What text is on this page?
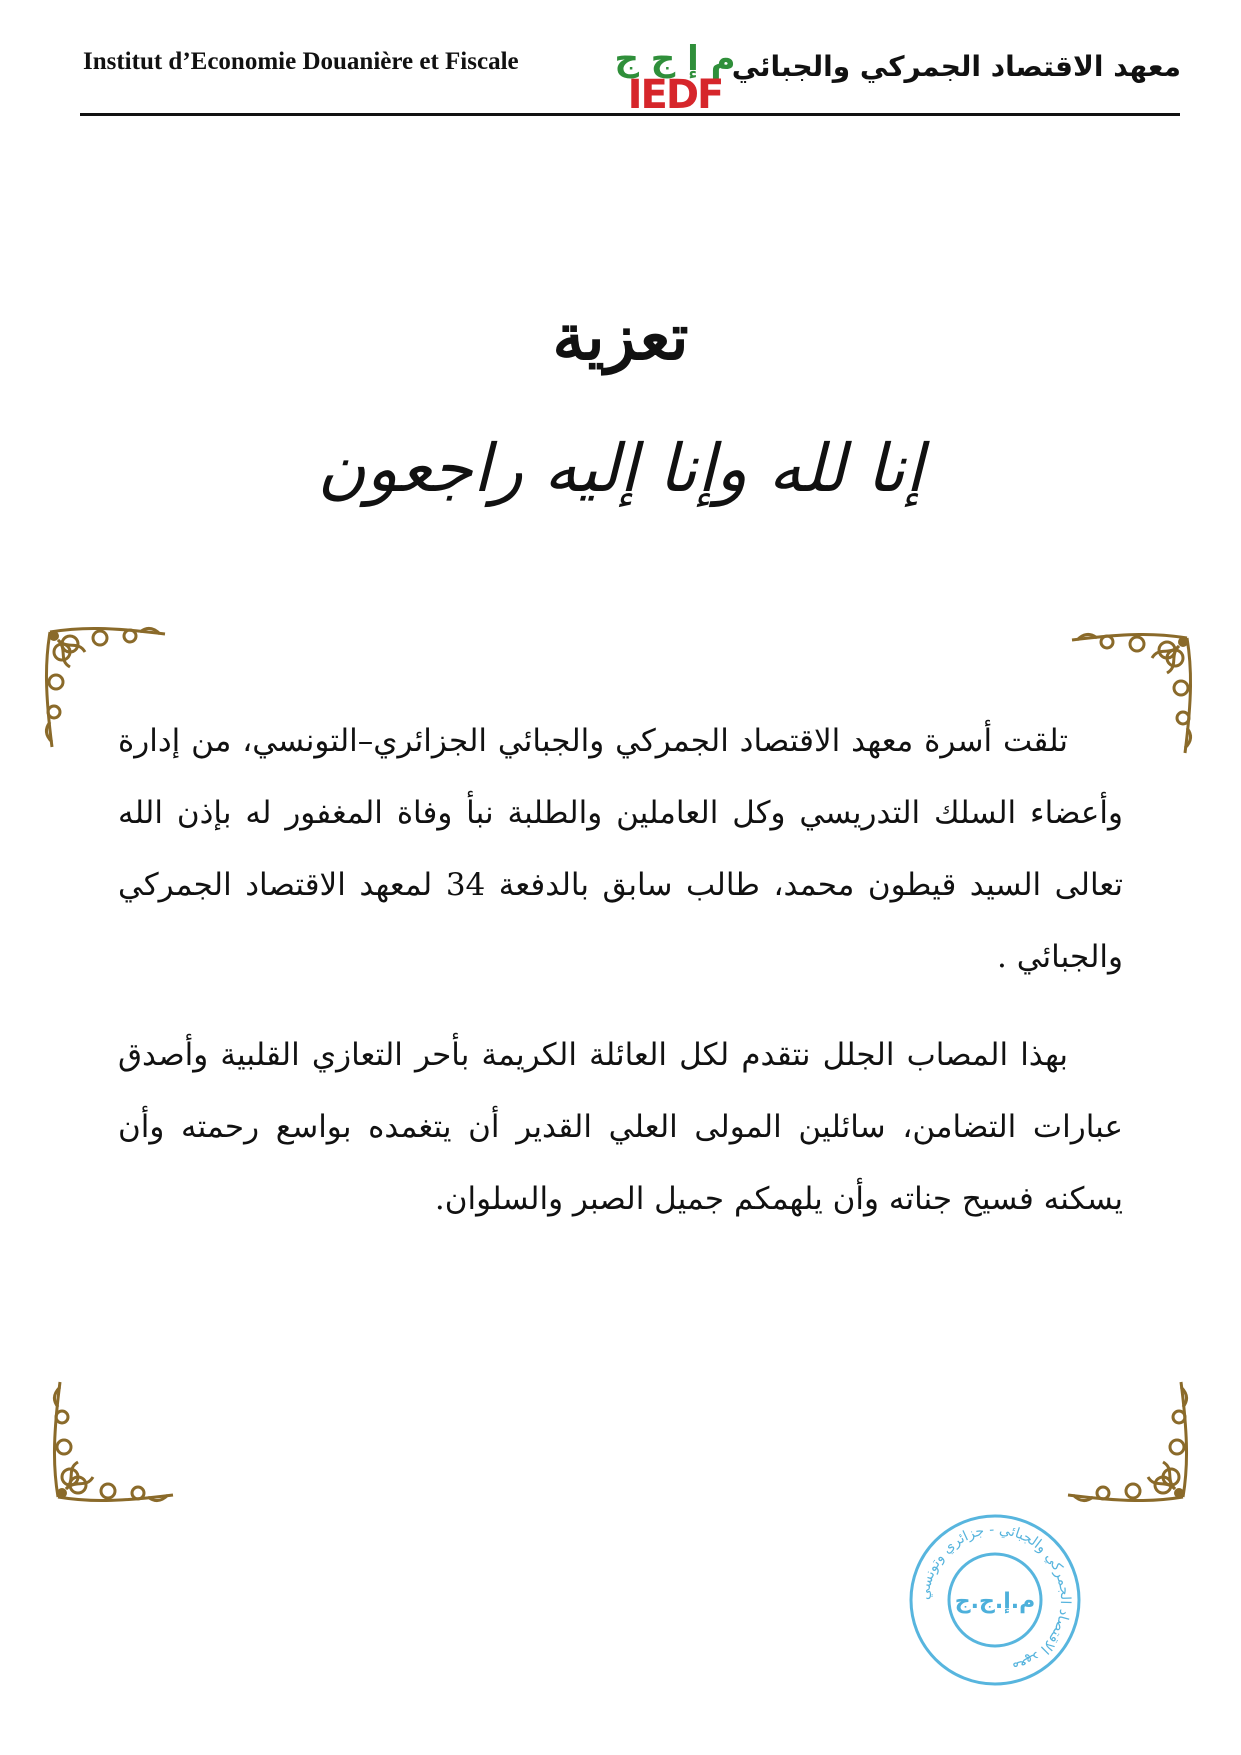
Institut d’Economie Douanière et Fiscale	م إ ج ج
IEDF
معهد الاقتصاد الجمركي والجبائي
تعزية
إنا لله وإنا إليه راجعون

تلقت أسرة معهد الاقتصاد الجمركي والجبائي الجزائري–التونسي، من إدارة وأعضاء السلك التدريسي وكل العاملين والطلبة نبأ وفاة المغفور له بإذن الله تعالى السيد قيطون محمد، طالب سابق بالدفعة 34 لمعهد الاقتصاد الجمركي والجبائي .

بهذا المصاب الجلل نتقدم لكل العائلة الكريمة بأحر التعازي القلبية وأصدق عبارات التضامن، سائلين المولى العلي القدير أن يتغمده بواسع رحمته وأن يسكنه فسيح جناته وأن يلهمكم جميل الصبر والسلوان.

معهد الاقتصاد الجمركي والجبائي - جزائري وتونسي
م.إ.ج.ج
